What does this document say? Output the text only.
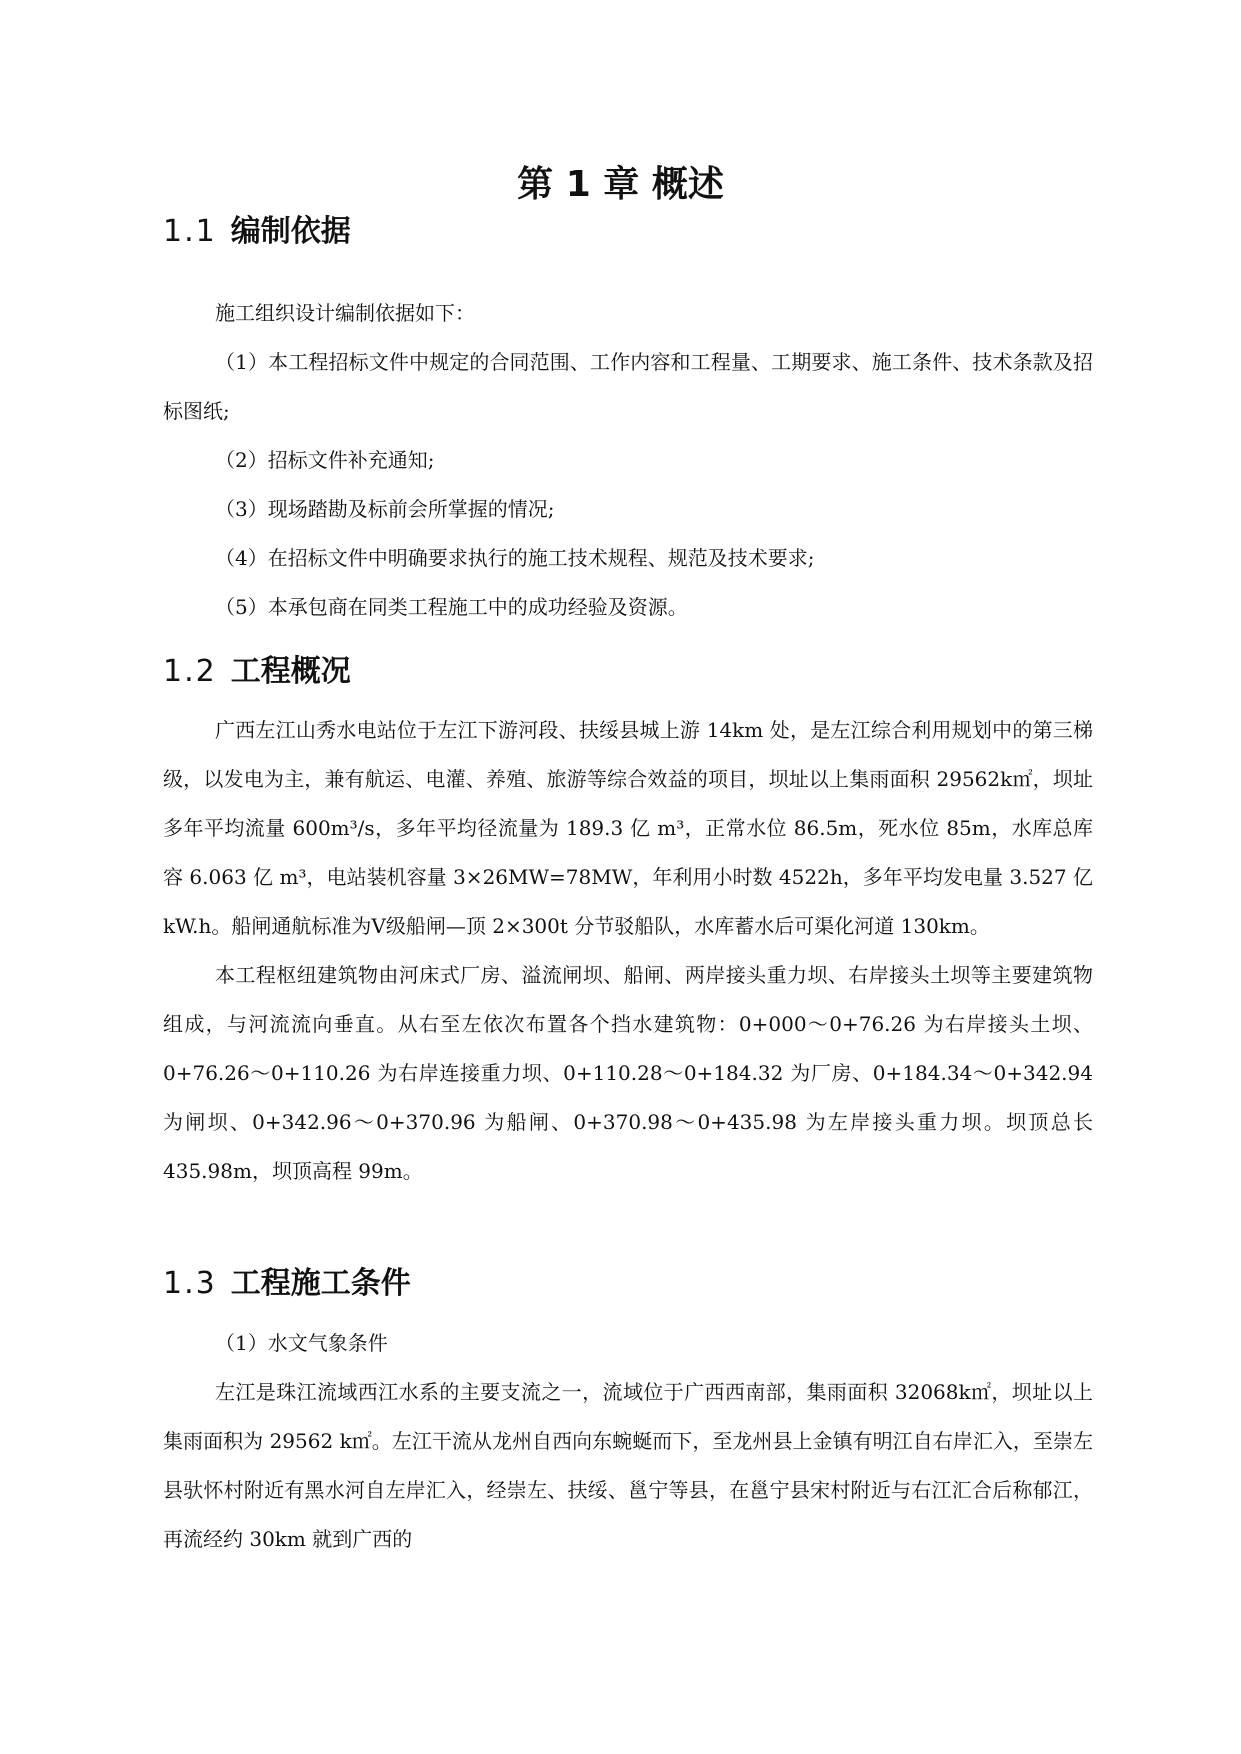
第 1 章 概述
1.1 编制依据

施工组织设计编制依据如下：

（1）本工程招标文件中规定的合同范围、工作内容和工程量、工期要求、施工条件、技术条款及招标图纸;

（2）招标文件补充通知;

（3）现场踏勘及标前会所掌握的情况;

（4）在招标文件中明确要求执行的施工技术规程、规范及技术要求;

（5）本承包商在同类工程施工中的成功经验及资源。

1.2 工程概况

广西左江山秀水电站位于左江下游河段、扶绥县城上游 14km 处，是左江综合利用规划中的第三梯级，以发电为主，兼有航运、电灌、养殖、旅游等综合效益的项目，坝址以上集雨面积 29562k㎡，坝址多年平均流量 600m³/s，多年平均径流量为 189.3 亿 m³，正常水位 86.5m，死水位 85m，水库总库容 6.063 亿 m³，电站装机容量 3×26MW=78MW，年利用小时数 4522h，多年平均发电量 3.527 亿 kW.h。船闸通航标准为Ⅴ级船闸—顶 2×300t 分节驳船队，水库蓄水后可渠化河道 130km。

本工程枢纽建筑物由河床式厂房、溢流闸坝、船闸、两岸接头重力坝、右岸接头土坝等主要建筑物组成，与河流流向垂直。从右至左依次布置各个挡水建筑物：0+000～0+76.26 为右岸接头土坝、0+76.26～0+110.26 为右岸连接重力坝、0+110.28～0+184.32 为厂房、0+184.34～0+342.94 为闸坝、0+342.96～0+370.96 为船闸、0+370.98～0+435.98 为左岸接头重力坝。坝顶总长 435.98m，坝顶高程 99m。

1.3 工程施工条件

（1）水文气象条件

左江是珠江流域西江水系的主要支流之一，流域位于广西西南部，集雨面积 32068k㎡，坝址以上集雨面积为 29562 k㎡。左江干流从龙州自西向东蜿蜒而下，至龙州县上金镇有明江自右岸汇入，至崇左县驮怀村附近有黑水河自左岸汇入，经崇左、扶绥、邕宁等县，在邕宁县宋村附近与右江汇合后称郁江，再流经约 30km 就到广西的
